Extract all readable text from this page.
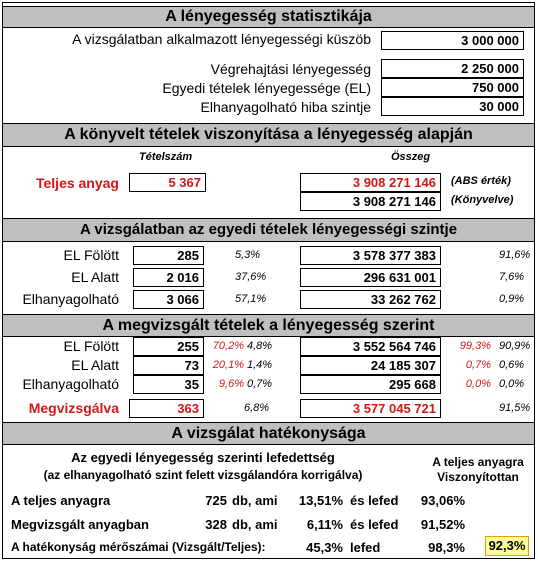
A lényegesség statisztikája
A vizsgálatban alkalmazott lényegességi küszöb	3 000 000
Végrehajtási lényegesség	2 250 000
Egyedi tételek lényegessége (EL)	750 000
Elhanyagolható hiba szintje	30 000
A könyvelt tételek viszonyítása a lényegesség alapján
Tételszám	Összeg
Teljes anyag	5 367	3 908 271 146	(ABS érték)
3 908 271 146	(Könyvelve)
A vizsgálatban az egyedi tételek lényegességi szintje
EL Fölött	285	5,3%	3 578 377 383	91,6%
EL Alatt	2 016	37,6%	296 631 001	7,6%
Elhanyagolható	3 066	57,1%	33 262 762	0,9%
A megvizsgált tételek a lényegesség szerint
EL Fölött	255	70,2% 4,8%	3 552 564 746	99,3% 90,9%
EL Alatt	73	20,1% 1,4%	24 185 307	0,7% 0,6%
Elhanyagolható	35	9,6% 0,7%	295 668	0,0% 0,0%
Megvizsgálva	363	6,8%	3 577 045 721	91,5%
A vizsgálat hatékonysága
Az egyedi lényegesség szerinti lefedettség
(az elhanyagolható szint felett vizsgálandóra korrigálva)
A teljes anyagra
Viszonyítottan
A teljes anyagra	725 db, ami	13,51% és lefed	93,06%
Megvizsgált anyagban	328 db, ami	6,11% és lefed	91,52%
A hatékonyság mérőszámai (Vizsgált/Teljes):	45,3% lefed	98,3% 92,3%
